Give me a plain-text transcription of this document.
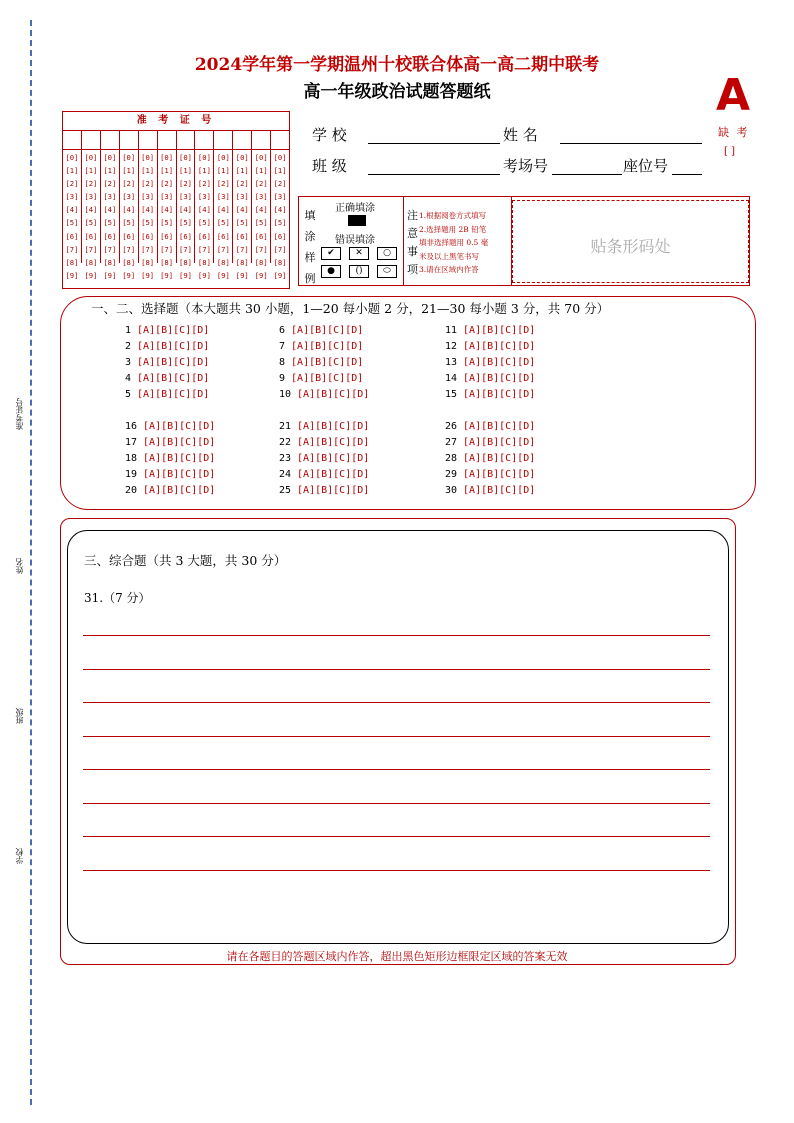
准考证号
姓名
班级
学校
2024学年第一学期温州十校联合体高一高二期中联考
高一年级政治试题答题纸	A
缺 考
[ ]
准 考 证 号
[0]
[1]
[2]
[3]
[4]
[5]
[6]
[7]
[8]
[9]
[0]
[1]
[2]
[3]
[4]
[5]
[6]
[7]
[8]
[9]
[0]
[1]
[2]
[3]
[4]
[5]
[6]
[7]
[8]
[9]
[0]
[1]
[2]
[3]
[4]
[5]
[6]
[7]
[8]
[9]
[0]
[1]
[2]
[3]
[4]
[5]
[6]
[7]
[8]
[9]
[0]
[1]
[2]
[3]
[4]
[5]
[6]
[7]
[8]
[9]
[0]
[1]
[2]
[3]
[4]
[5]
[6]
[7]
[8]
[9]
[0]
[1]
[2]
[3]
[4]
[5]
[6]
[7]
[8]
[9]
[0]
[1]
[2]
[3]
[4]
[5]
[6]
[7]
[8]
[9]
[0]
[1]
[2]
[3]
[4]
[5]
[6]
[7]
[8]
[9]
[0]
[1]
[2]
[3]
[4]
[5]
[6]
[7]
[8]
[9]
[0]
[1]
[2]
[3]
[4]
[5]
[6]
[7]
[8]
[9]
学 校	姓 名
班 级	考场号	座位号
填
涂
样
例
正确填涂
错误填涂
✔	✕	○
●	()	⬭
注
意
事
项
1.根据阅卷方式填写
2.选择题用 2B 铅笔
填非选择题用 0.5 毫
米及以上黑笔书写
3.请在区域内作答
贴条形码处
一、二、选择题（本大题共 30 小题，1—20 每小题 2 分，21—30 每小题 3 分，共 70 分）
1 [A][B][C][D]	6 [A][B][C][D]	11 [A][B][C][D]
2 [A][B][C][D]	7 [A][B][C][D]	12 [A][B][C][D]
3 [A][B][C][D]	8 [A][B][C][D]	13 [A][B][C][D]
4 [A][B][C][D]	9 [A][B][C][D]	14 [A][B][C][D]
5 [A][B][C][D]	10 [A][B][C][D]	15 [A][B][C][D]
16 [A][B][C][D]	21 [A][B][C][D]	26 [A][B][C][D]
17 [A][B][C][D]	22 [A][B][C][D]	27 [A][B][C][D]
18 [A][B][C][D]	23 [A][B][C][D]	28 [A][B][C][D]
19 [A][B][C][D]	24 [A][B][C][D]	29 [A][B][C][D]
20 [A][B][C][D]	25 [A][B][C][D]	30 [A][B][C][D]
三、综合题（共 3 大题，共 30 分）
31.（7 分）
请在各题目的答题区域内作答，超出黑色矩形边框限定区域的答案无效
